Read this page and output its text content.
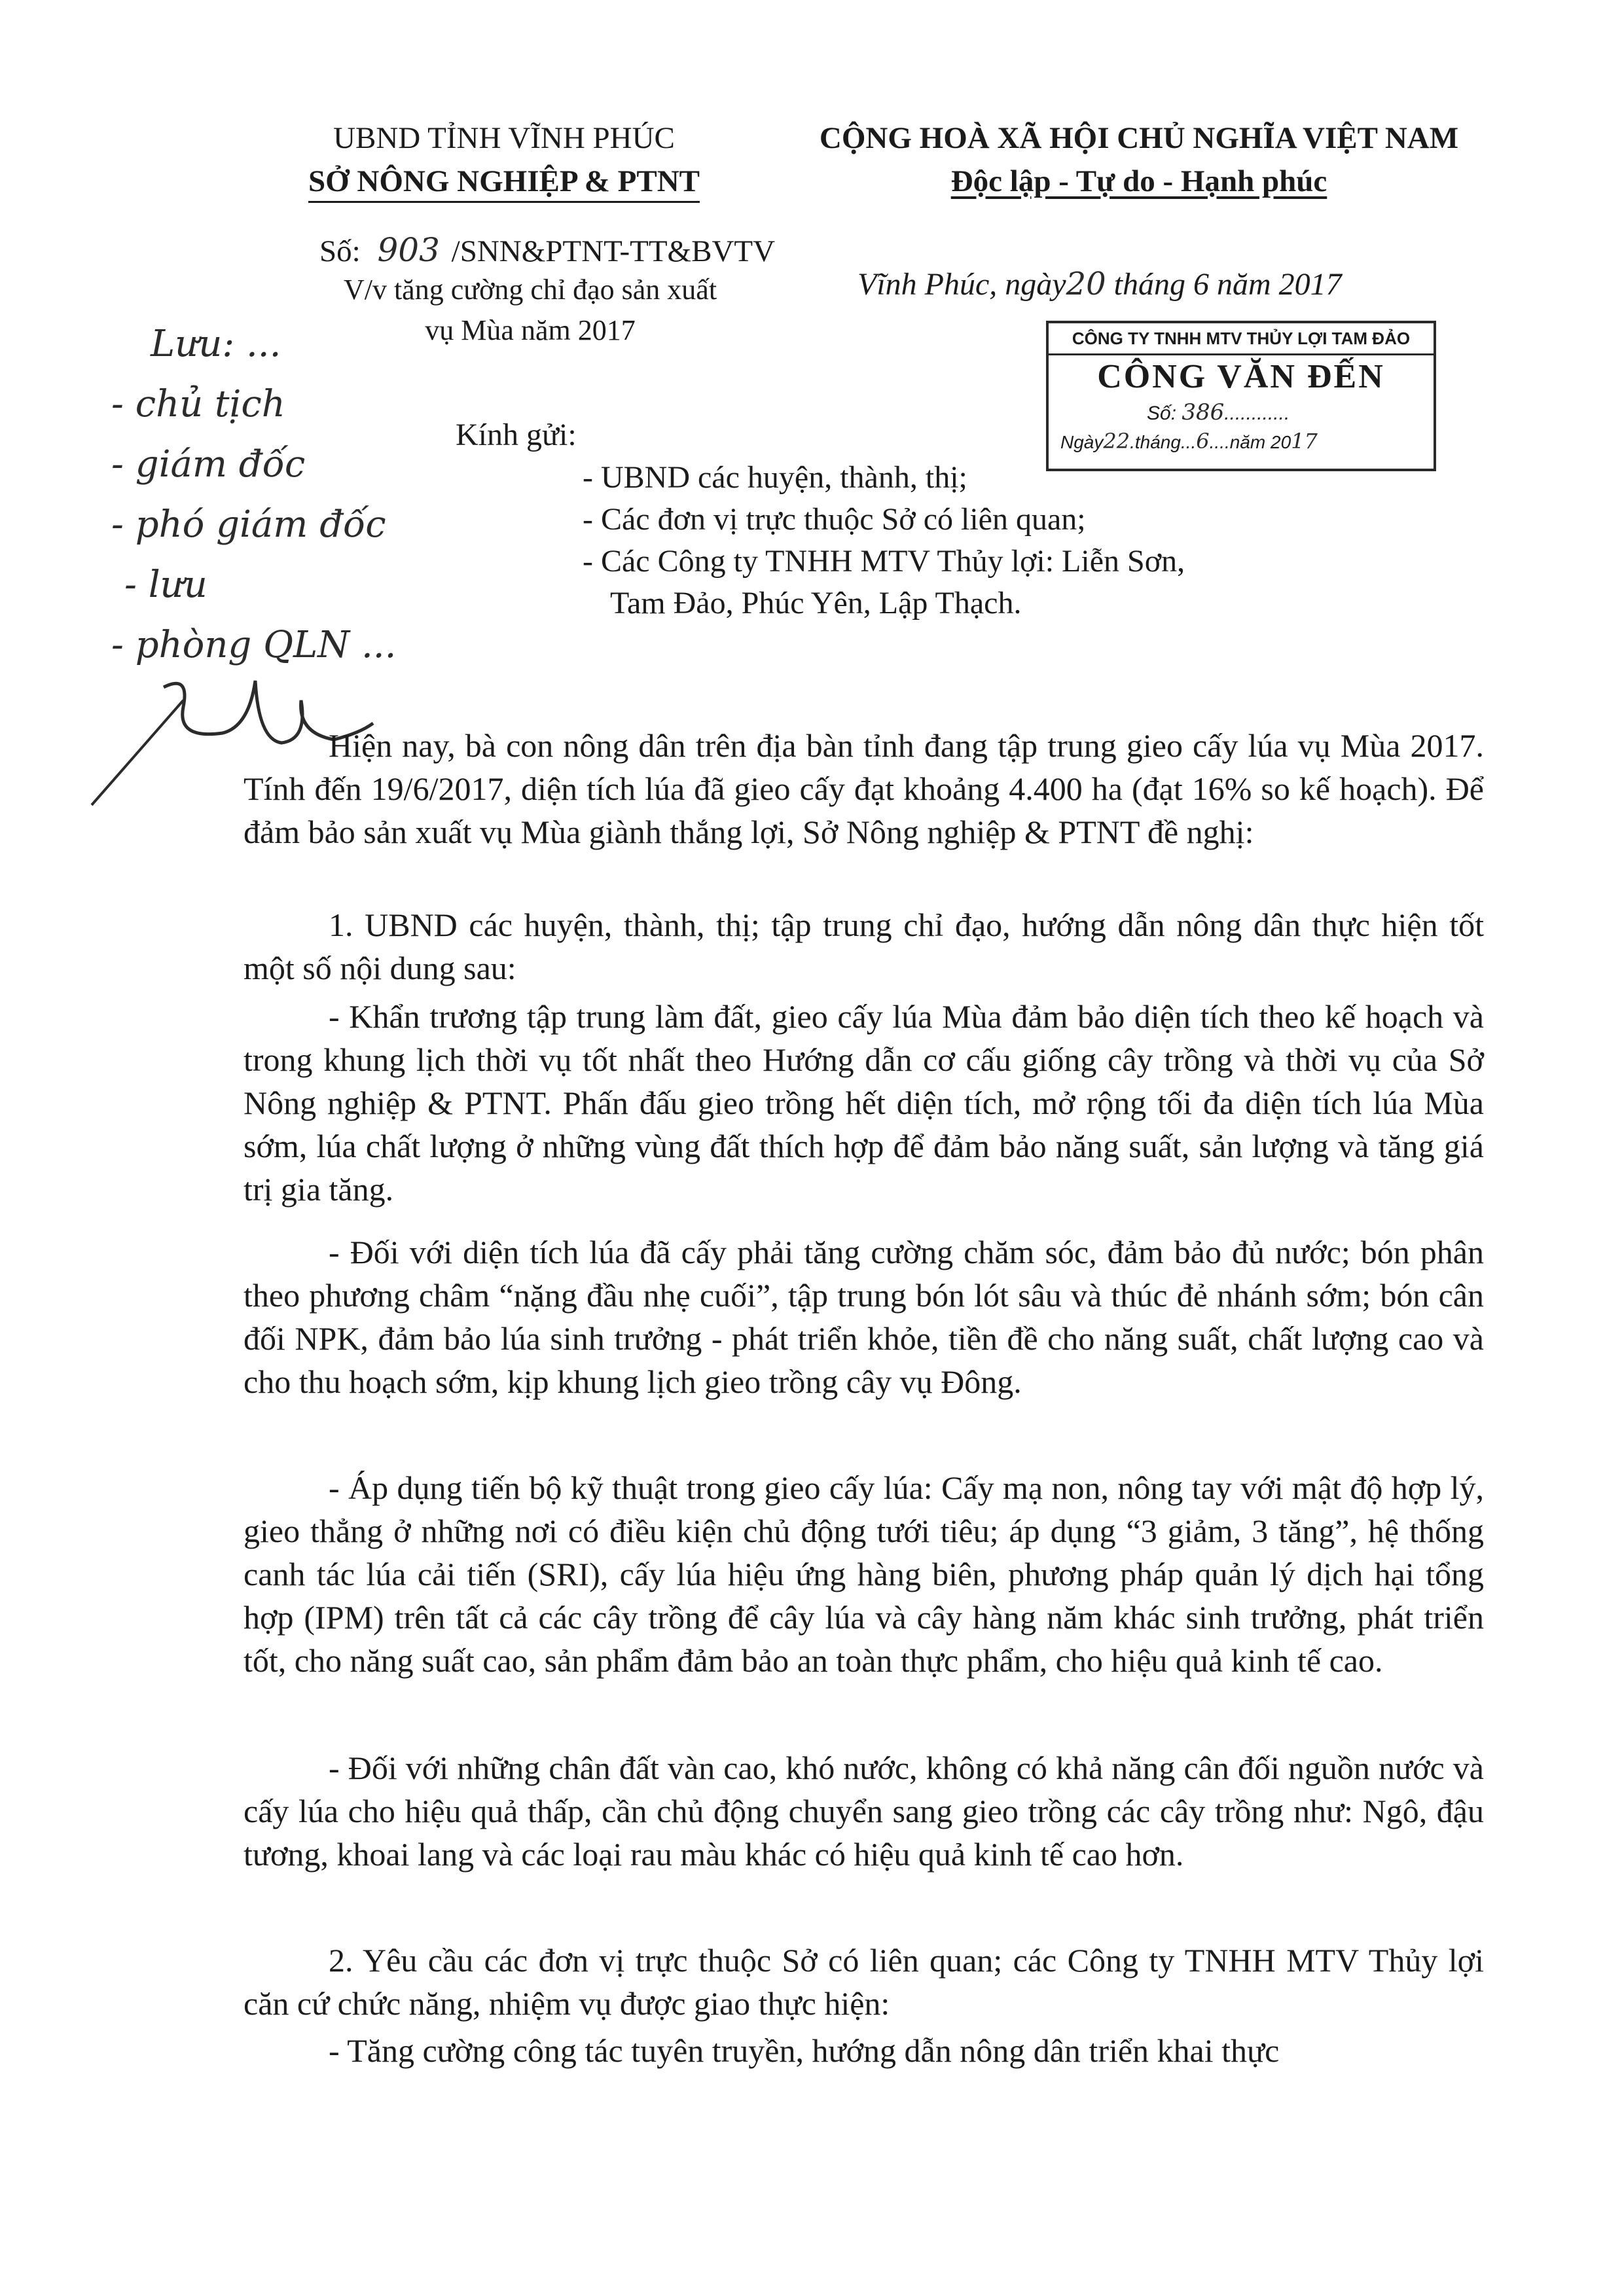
UBND TỈNH VĨNH PHÚC
SỞ NÔNG NGHIỆP & PTNT
CỘNG HOÀ XÃ HỘI CHỦ NGHĨA VIỆT NAM
Độc lập - Tự do - Hạnh phúc
Số: 903 /SNN&PTNT-TT&BVTV
V/v tăng cường chỉ đạo sản xuất
vụ Mùa năm 2017
Vĩnh Phúc, ngày20 tháng 6 năm 2017
CÔNG TY TNHH MTV THỦY LỢI TAM ĐẢO
CÔNG VĂN ĐẾN
Số: 386............
Ngày22.tháng...6....năm 2017
Lưu: ...
- chủ tịch
- giám đốc
- phó giám đốc
- lưu
- phòng QLN ...
Kính gửi:
- UBND các huyện, thành, thị;
- Các đơn vị trực thuộc Sở có liên quan;
- Các Công ty TNHH MTV Thủy lợi: Liễn Sơn,
Tam Đảo, Phúc Yên, Lập Thạch.
Hiện nay, bà con nông dân trên địa bàn tỉnh đang tập trung gieo cấy lúa vụ Mùa 2017. Tính đến 19/6/2017, diện tích lúa đã gieo cấy đạt khoảng 4.400 ha (đạt 16% so kế hoạch). Để đảm bảo sản xuất vụ Mùa giành thắng lợi, Sở Nông nghiệp & PTNT đề nghị:
1. UBND các huyện, thành, thị; tập trung chỉ đạo, hướng dẫn nông dân thực hiện tốt một số nội dung sau:
- Khẩn trương tập trung làm đất, gieo cấy lúa Mùa đảm bảo diện tích theo kế hoạch và trong khung lịch thời vụ tốt nhất theo Hướng dẫn cơ cấu giống cây trồng và thời vụ của Sở Nông nghiệp & PTNT. Phấn đấu gieo trồng hết diện tích, mở rộng tối đa diện tích lúa Mùa sớm, lúa chất lượng ở những vùng đất thích hợp để đảm bảo năng suất, sản lượng và tăng giá trị gia tăng.
- Đối với diện tích lúa đã cấy phải tăng cường chăm sóc, đảm bảo đủ nước; bón phân theo phương châm “nặng đầu nhẹ cuối”, tập trung bón lót sâu và thúc đẻ nhánh sớm; bón cân đối NPK, đảm bảo lúa sinh trưởng - phát triển khỏe, tiền đề cho năng suất, chất lượng cao và cho thu hoạch sớm, kịp khung lịch gieo trồng cây vụ Đông.
- Áp dụng tiến bộ kỹ thuật trong gieo cấy lúa: Cấy mạ non, nông tay với mật độ hợp lý, gieo thẳng ở những nơi có điều kiện chủ động tưới tiêu; áp dụng “3 giảm, 3 tăng”, hệ thống canh tác lúa cải tiến (SRI), cấy lúa hiệu ứng hàng biên, phương pháp quản lý dịch hại tổng hợp (IPM) trên tất cả các cây trồng để cây lúa và cây hàng năm khác sinh trưởng, phát triển tốt, cho năng suất cao, sản phẩm đảm bảo an toàn thực phẩm, cho hiệu quả kinh tế cao.
- Đối với những chân đất vàn cao, khó nước, không có khả năng cân đối nguồn nước và cấy lúa cho hiệu quả thấp, cần chủ động chuyển sang gieo trồng các cây trồng như: Ngô, đậu tương, khoai lang và các loại rau màu khác có hiệu quả kinh tế cao hơn.
2. Yêu cầu các đơn vị trực thuộc Sở có liên quan; các Công ty TNHH MTV Thủy lợi căn cứ chức năng, nhiệm vụ được giao thực hiện:
- Tăng cường công tác tuyên truyền, hướng dẫn nông dân triển khai thực
